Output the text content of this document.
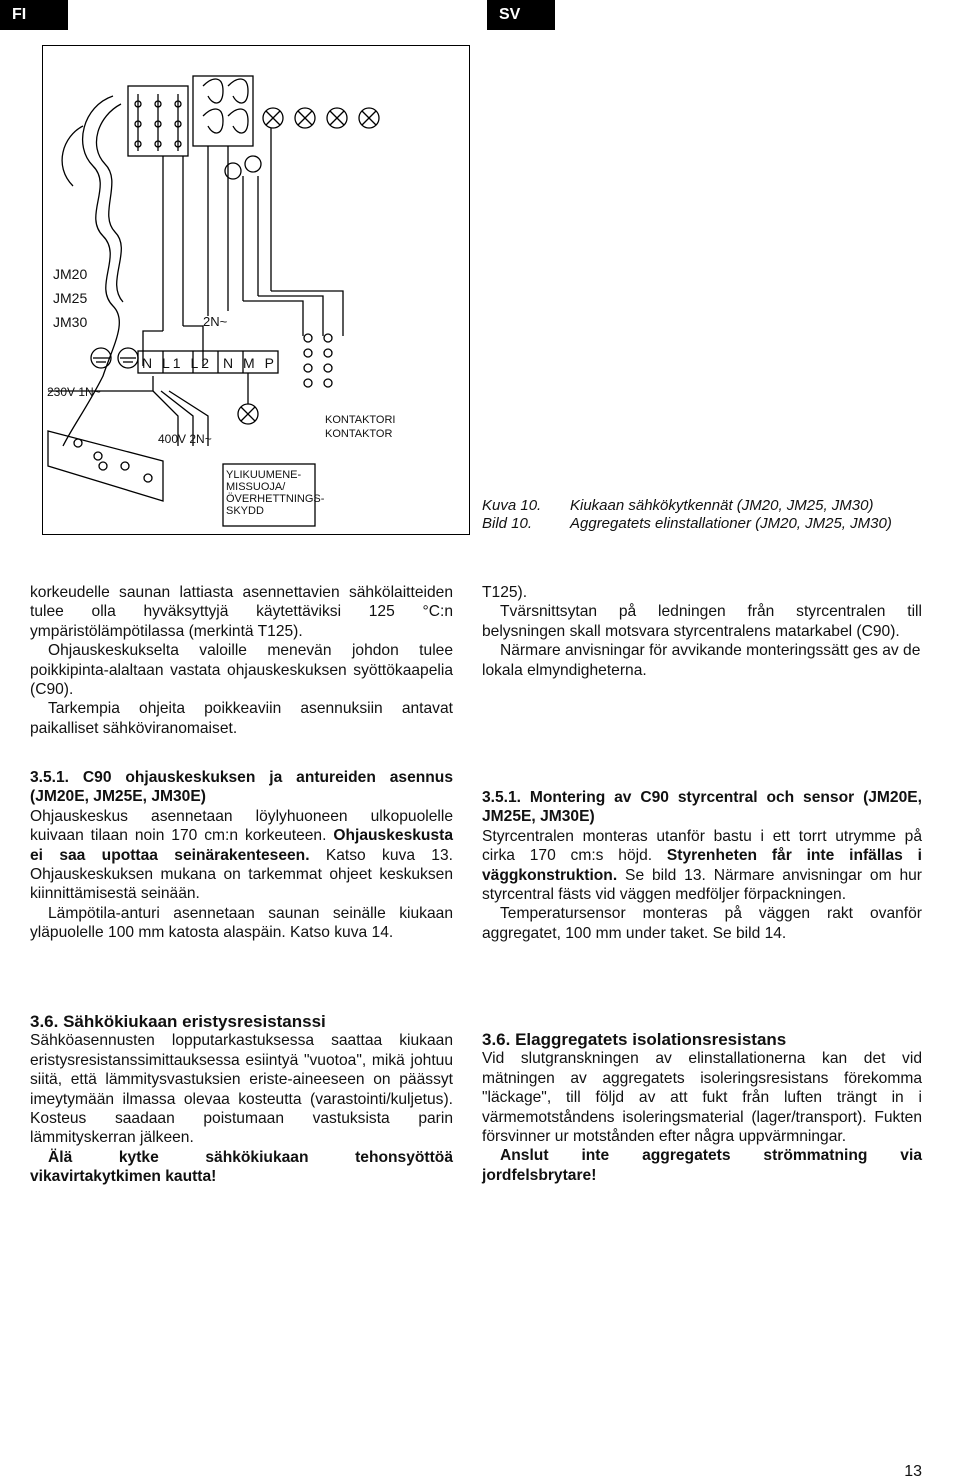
FI	SV
JM20
JM25
JM30	2N~
N L1 L2 N M P
230V 1N~
400V 2N~
KONTAKTORI
KONTAKTOR
YLIKUUMENE-
MISSUOJA/
ÖVERHETTNINGS-
SKYDD	Kuva 10. Kiukaan sähkökytkennät (JM20, JM25, JM30)
Bild 10.	Aggregatets elinstallationer (JM20, JM25, JM30)

korkeudelle saunan lattiasta asennettavien sähkölaitteiden tulee olla hyväksyttyjä käytettäviksi 125 °C:n ympäristölämpötilassa (merkintä T125).

Ohjauskeskukselta valoille menevän johdon tulee poikkipinta-alaltaan vastata ohjauskeskuksen syöttökaapelia (C90).

Tarkempia ohjeita poikkeaviin asennuksiin antavat paikalliset sähköviranomaiset.

T125).

Tvärsnittsytan på ledningen från styrcentralen till belysningen skall motsvara styrcentralens matarkabel (C90).

Närmare anvisningar för avvikande monteringssätt ges av de lokala elmyndigheterna.

3.5.1. C90 ohjauskeskuksen ja antureiden asennus (JM20E, JM25E, JM30E)

Ohjauskeskus asennetaan löylyhuoneen ulkopuolelle kuivaan tilaan noin 170 cm:n korkeuteen. Ohjauskeskusta ei saa upottaa seinärakenteseen. Katso kuva 13. Ohjauskeskuksen mukana on tarkemmat ohjeet keskuksen kiinnittämisestä seinään.

Lämpötila-anturi asennetaan saunan seinälle kiukaan yläpuolelle 100 mm katosta alaspäin. Katso kuva 14.

3.5.1. Montering av C90 styrcentral och sensor (JM20E, JM25E, JM30E)

Styrcentralen monteras utanför bastu i ett torrt utrymme på cirka 170 cm:s höjd. Styrenheten får inte infällas i väggkonstruktion. Se bild 13. Närmare anvisningar om hur styrcentral fästs vid väggen medföljer förpackningen.

Temperatursensor monteras på väggen rakt ovanför aggregatet, 100 mm under taket. Se bild 14.

3.6. Sähkökiukaan eristysresistanssi

Sähköasennusten lopputarkastuksessa saattaa kiukaan eristysresistanssimittauksessa esiintyä "vuotoa", mikä johtuu siitä, että lämmitysvastuksien eriste-aineeseen on päässyt imeytymään ilmassa olevaa kosteutta (varastointi/kuljetus). Kosteus saadaan poistumaan vastuksista parin lämmityskerran jälkeen.

Älä kytke sähkökiukaan tehonsyöttöä vikavirtakytkimen kautta!

3.6. Elaggregatets isolationsresistans

Vid slutgranskningen av elinstallationerna kan det vid mätningen av aggregatets isoleringsresistans förekomma "läckage", till följd av att fukt från luften trängt in i värmemotståndens isoleringsmaterial (lager/transport). Fukten försvinner ur motstånden efter några uppvärmningar.

Anslut inte aggregatets strömmatning via jordfelsbrytare!

13
